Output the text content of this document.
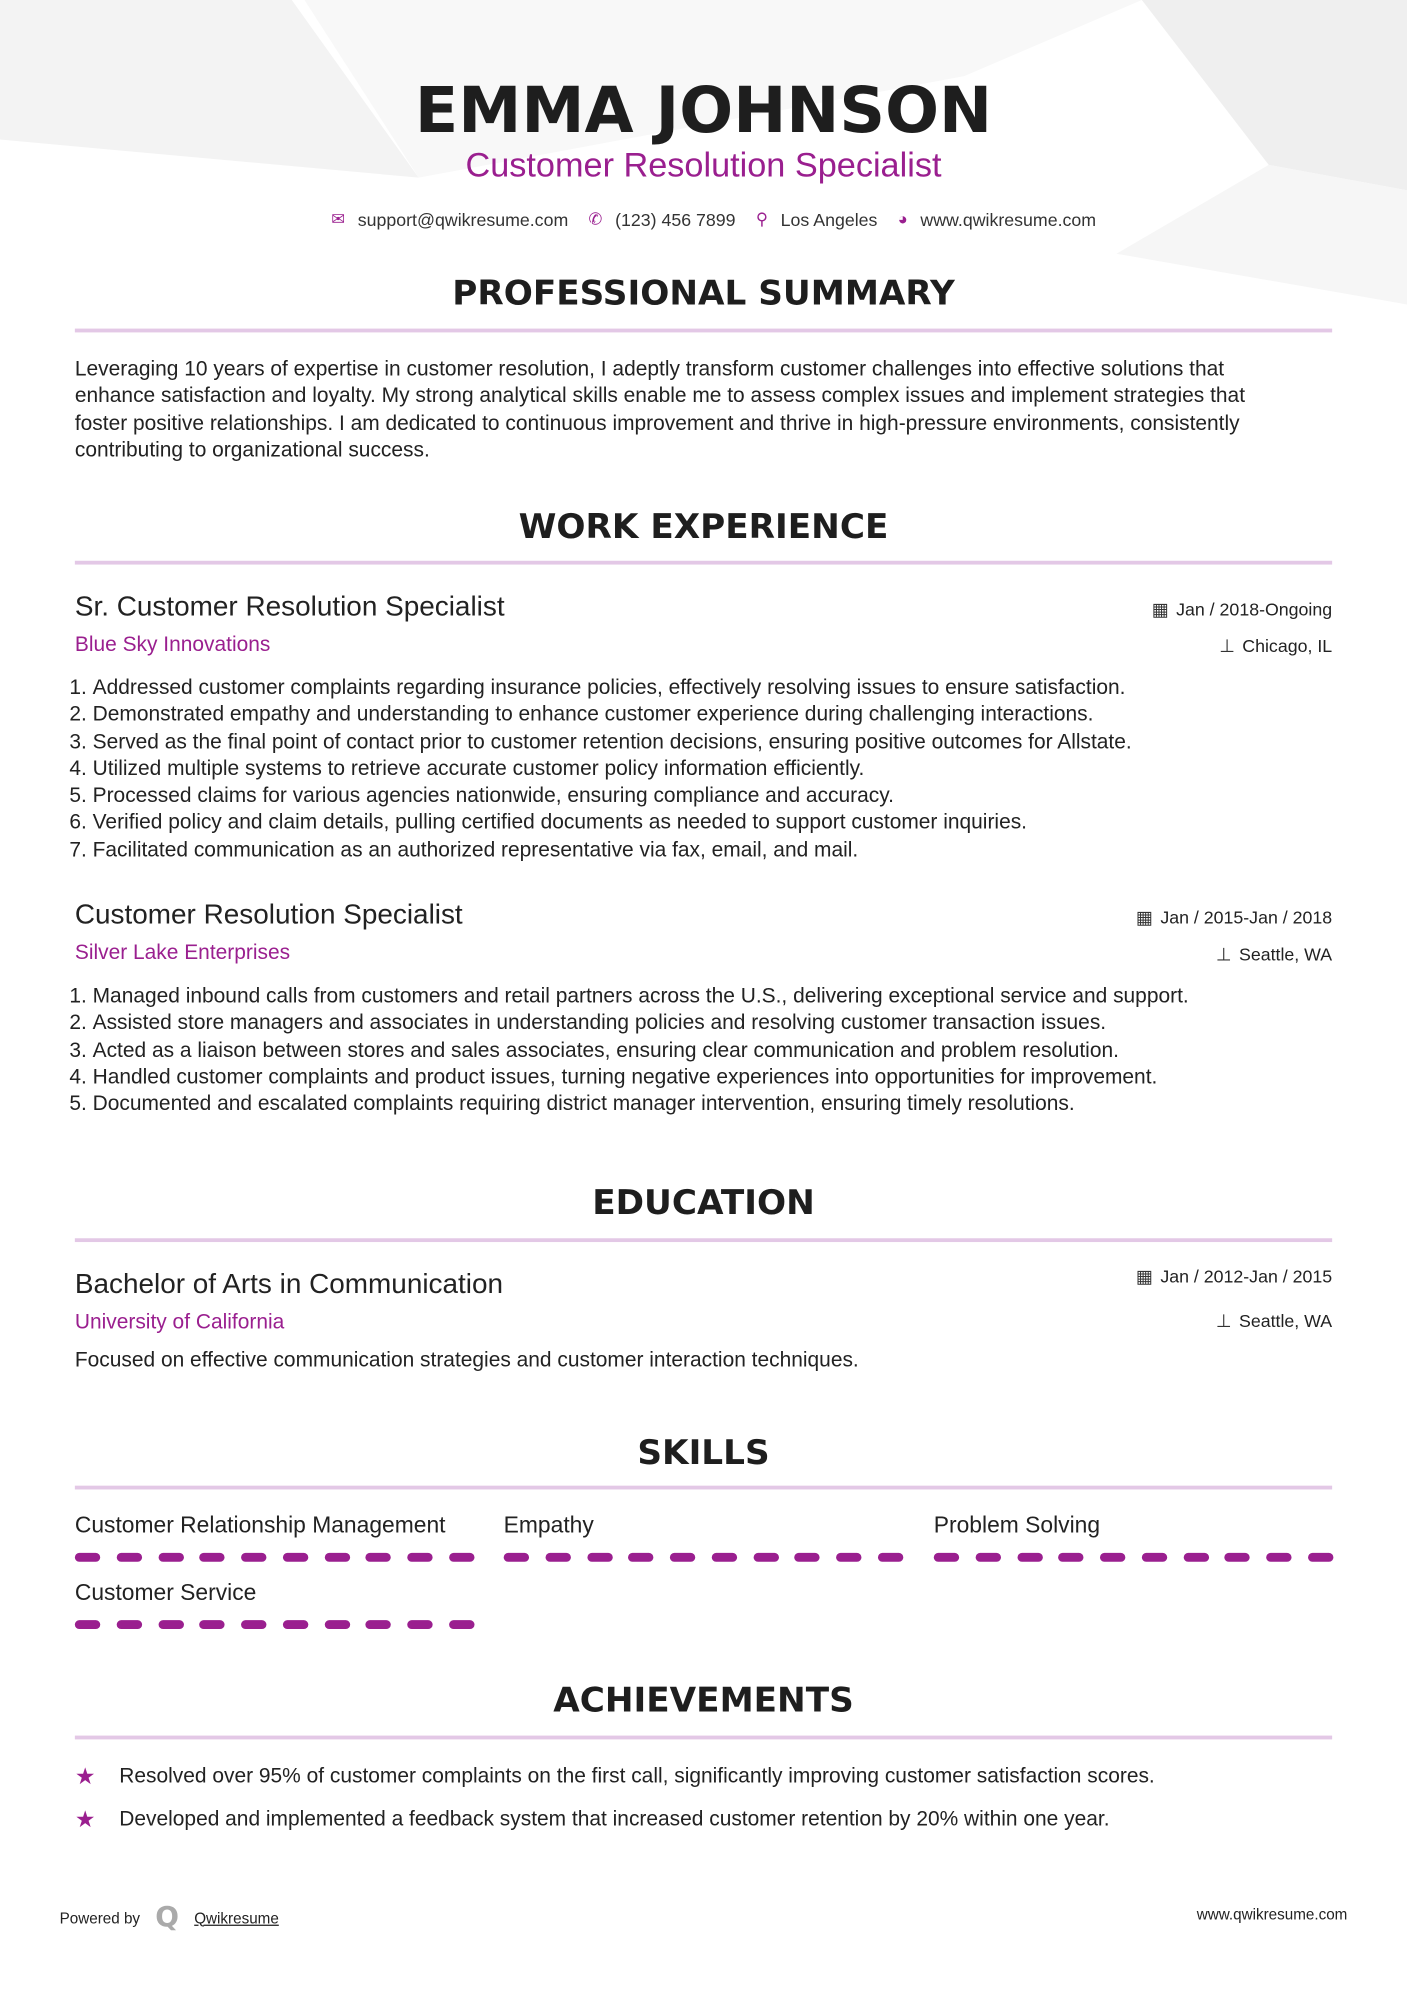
EMMA JOHNSON
Customer Resolution Specialist
✉ support@qwikresume.com ✆ (123) 456 7899 ⚲ Los Angeles ◕ www.qwikresume.com
PROFESSIONAL SUMMARY
Leveraging 10 years of expertise in customer resolution, I adeptly transform customer challenges into effective solutions that
enhance satisfaction and loyalty. My strong analytical skills enable me to assess complex issues and implement strategies that
foster positive relationships. I am dedicated to continuous improvement and thrive in high-pressure environments, consistently
contributing to organizational success.
WORK EXPERIENCE
Sr. Customer Resolution Specialist
Blue Sky Innovations
▦ Jan / 2018-Ongoing
⊥ Chicago, IL
1. Addressed customer complaints regarding insurance policies, effectively resolving issues to ensure satisfaction.
2. Demonstrated empathy and understanding to enhance customer experience during challenging interactions.
3. Served as the final point of contact prior to customer retention decisions, ensuring positive outcomes for Allstate.
4. Utilized multiple systems to retrieve accurate customer policy information efficiently.
5. Processed claims for various agencies nationwide, ensuring compliance and accuracy.
6. Verified policy and claim details, pulling certified documents as needed to support customer inquiries.
7. Facilitated communication as an authorized representative via fax, email, and mail.
Customer Resolution Specialist
Silver Lake Enterprises
▦ Jan / 2015-Jan / 2018
⊥ Seattle, WA
1. Managed inbound calls from customers and retail partners across the U.S., delivering exceptional service and support.
2. Assisted store managers and associates in understanding policies and resolving customer transaction issues.
3. Acted as a liaison between stores and sales associates, ensuring clear communication and problem resolution.
4. Handled customer complaints and product issues, turning negative experiences into opportunities for improvement.
5. Documented and escalated complaints requiring district manager intervention, ensuring timely resolutions.
EDUCATION
Bachelor of Arts in Communication
University of California
▦ Jan / 2012-Jan / 2015
⊥ Seattle, WA
Focused on effective communication strategies and customer interaction techniques.
SKILLS
Customer Relationship Management	Empathy	Problem Solving
Customer Service
ACHIEVEMENTS
★	Resolved over 95% of customer complaints on the first call, significantly improving customer satisfaction scores.
★	Developed and implemented a feedback system that increased customer retention by 20% within one year.
Powered by Q Qwikresume	www.qwikresume.com
